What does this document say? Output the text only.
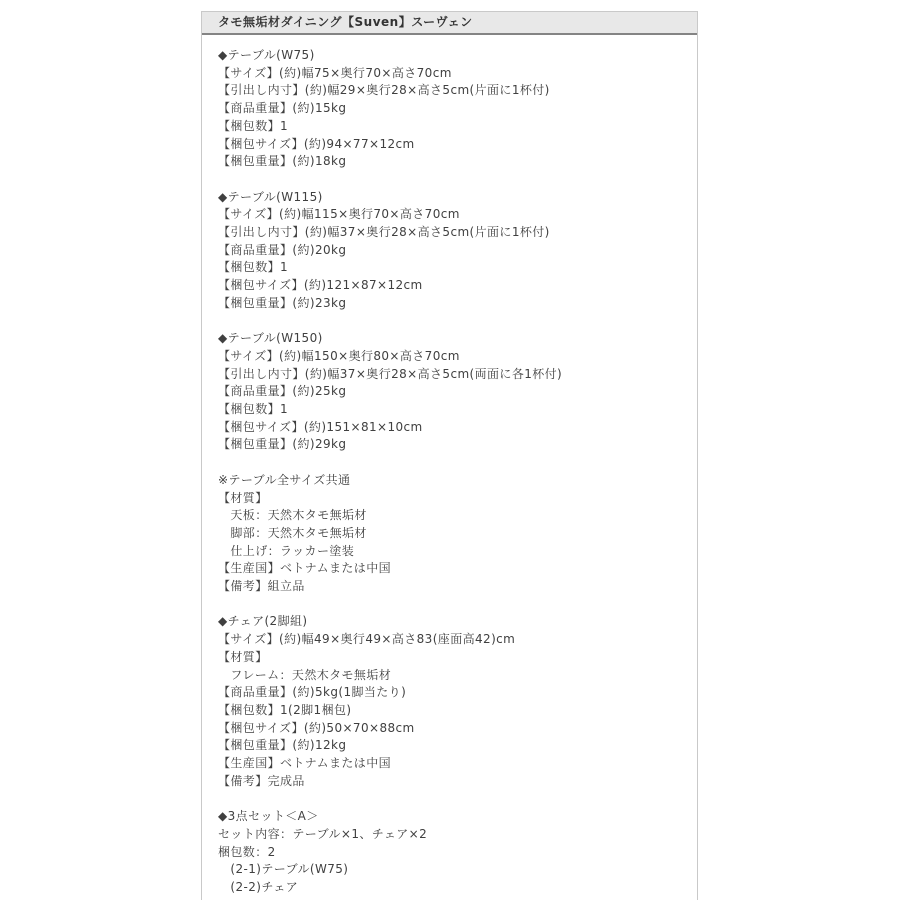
タモ無垢材ダイニング【Suven】スーヴェン
◆テーブル(W75)
【サイズ】(約)幅75×奥行70×高さ70cm
【引出し内寸】(約)幅29×奥行28×高さ5cm(片面に1杯付)
【商品重量】(約)15kg
【梱包数】1
【梱包サイズ】(約)94×77×12cm
【梱包重量】(約)18kg
◆テーブル(W115)
【サイズ】(約)幅115×奥行70×高さ70cm
【引出し内寸】(約)幅37×奥行28×高さ5cm(片面に1杯付)
【商品重量】(約)20kg
【梱包数】1
【梱包サイズ】(約)121×87×12cm
【梱包重量】(約)23kg
◆テーブル(W150)
【サイズ】(約)幅150×奥行80×高さ70cm
【引出し内寸】(約)幅37×奥行28×高さ5cm(両面に各1杯付)
【商品重量】(約)25kg
【梱包数】1
【梱包サイズ】(約)151×81×10cm
【梱包重量】(約)29kg
※テーブル全サイズ共通
【材質】
　天板：天然木タモ無垢材
　脚部：天然木タモ無垢材
　仕上げ：ラッカー塗装
【生産国】ベトナムまたは中国
【備考】組立品
◆チェア(2脚組)
【サイズ】(約)幅49×奥行49×高さ83(座面高42)cm
【材質】
　フレーム：天然木タモ無垢材
【商品重量】(約)5kg(1脚当たり)
【梱包数】1(2脚1梱包)
【梱包サイズ】(約)50×70×88cm
【梱包重量】(約)12kg
【生産国】ベトナムまたは中国
【備考】完成品
◆3点セット＜A＞
セット内容：テーブル×1、チェア×2
梱包数：2
　(2-1)テーブル(W75)
　(2-2)チェア
